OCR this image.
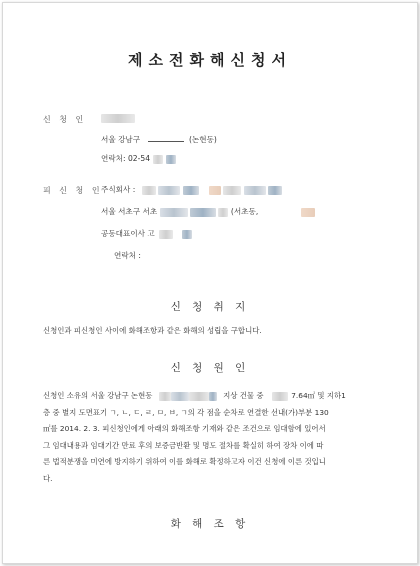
제소전화해신청서
신 청 인
서울 강남구	(논현동)
연락처: 02-54
피 신 청 인
주식회사 :
서울 서초구 서초	(서초동,
공동대표이사 고
연락처 :
신 청 취 지
신청인과 피신청인 사이에 화해조항과 같은 화해의 성립을 구합니다.
신 청 원 인
신청인 소유의 서울 강남구 논현동	지상 건물 중	7.64㎡ 및 지하1
층 중 별지 도면표기 ㄱ, ㄴ, ㄷ, ㄹ, ㅁ, ㅂ, ㄱ의 각 점을 순차로 연결한 선내(가)부분 130
㎡를 2014. 2. 3. 피신청인에게 아래의 화해조항 기재와 같은 조건으로 임대함에 있어서
그 임대내용과 임대기간 만료 후의 보증금반환 및 명도 절차를 확실히 하여 장차 이에 따
른 법적분쟁을 미연에 방지하기 위하여 이를 화해로 확정하고자 이건 신청에 이른 것입니
다.
화 해 조 항
